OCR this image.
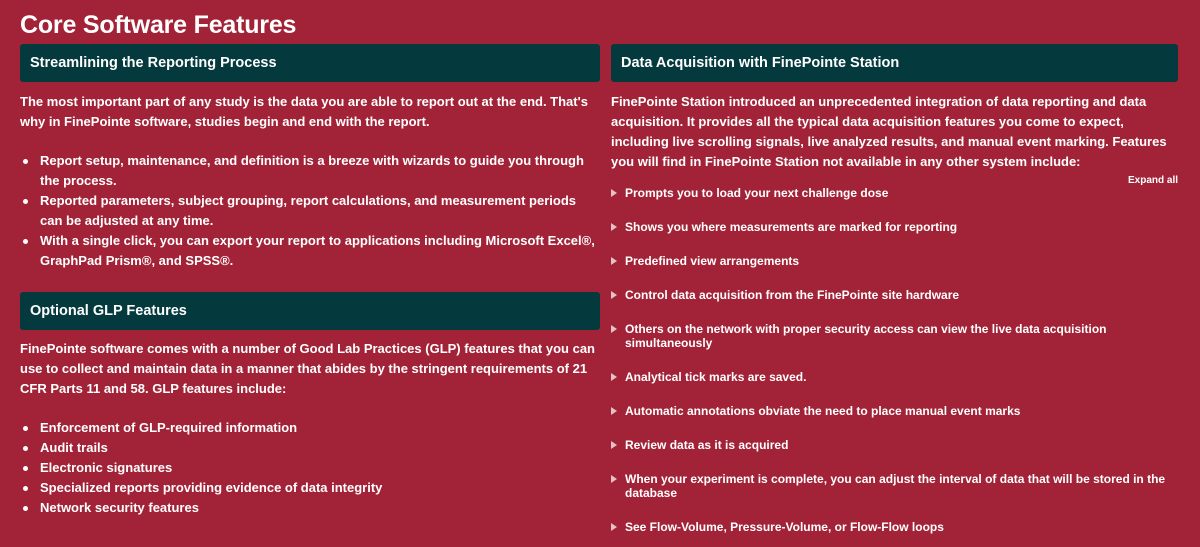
Core Software Features
Streamlining the Reporting Process

The most important part of any study is the data you are able to report out at the end. That's why in FinePointe software, studies begin and end with the report.

Report setup, maintenance, and definition is a breeze with wizards to guide you through the process.
Reported parameters, subject grouping, report calculations, and measurement periods can be adjusted at any time.
With a single click, you can export your report to applications including Microsoft Excel®, GraphPad Prism®, and SPSS®.
Optional GLP Features

FinePointe software comes with a number of Good Lab Practices (GLP) features that you can use to collect and maintain data in a manner that abides by the stringent requirements of 21 CFR Parts 11 and 58. GLP features include:

Enforcement of GLP-required information
Audit trails
Electronic signatures
Specialized reports providing evidence of data integrity
Network security features
Data Acquisition with FinePointe Station

FinePointe Station introduced an unprecedented integration of data reporting and data acquisition. It provides all the typical data acquisition features you come to expect, including live scrolling signals, live analyzed results, and manual event marking. Features you will find in FinePointe Station not available in any other system include:

Expand all
Prompts you to load your next challenge dose
Shows you where measurements are marked for reporting
Predefined view arrangements
Control data acquisition from the FinePointe site hardware
Others on the network with proper security access can view the live data acquisition simultaneously
Analytical tick marks are saved.
Automatic annotations obviate the need to place manual event marks
Review data as it is acquired
When your experiment is complete, you can adjust the interval of data that will be stored in the database
See Flow-Volume, Pressure-Volume, or Flow-Flow loops
